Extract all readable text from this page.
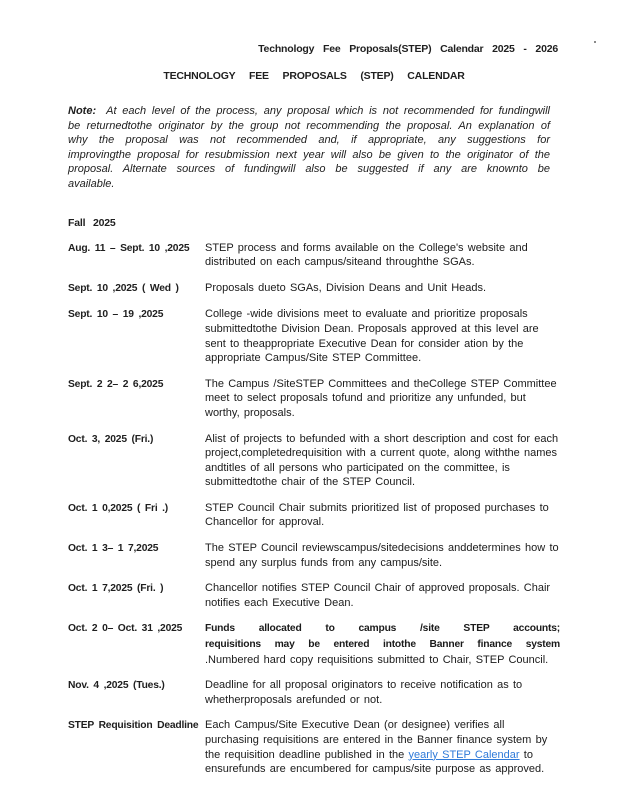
Technology Fee Proposals(STEP) Calendar 2025 - 2026
TECHNOLOGY FEE PROPOSALS (STEP) CALENDAR
Note: At each level of the process, any proposal which is not recommended for fundingwill be returnedtothe originator by the group not recommending the proposal. An explanation of why the proposal was not recommended and, if appropriate, any suggestions for improvingthe proposal for resubmission next year will also be given to the originator of the proposal. Alternate sources of fundingwill also be suggested if any are knownto be available.
Fall 2025
Aug. 11 – Sept. 10 ,2025	STEP process and forms available on the College's website and distributed on each campus/siteand throughthe SGAs.
Sept. 10 ,2025 ( Wed )	Proposals dueto SGAs, Division Deans and Unit Heads.
Sept. 10 – 19 ,2025	College -wide divisions meet to evaluate and prioritize proposals submittedtothe Division Dean. Proposals approved at this level are sent to theappropriate Executive Dean for consider ation by the appropriate Campus/Site STEP Committee.
Sept. 2 2– 2 6,2025	The Campus /SiteSTEP Committees and theCollege STEP Committee meet to select proposals tofund and prioritize any unfunded, but worthy, proposals.
Oct. 3, 2025 (Fri.)	Alist of projects to befunded with a short description and cost for each project,completedrequisition with a current quote, along withthe names andtitles of all persons who participated on the committee, is submittedtothe chair of the STEP Council.
Oct. 1 0,2025 ( Fri .)	STEP Council Chair submits prioritized list of proposed purchases to Chancellor for approval.
Oct. 1 3– 1 7,2025	The STEP Council reviewscampus/sitedecisions anddetermines how to spend any surplus funds from any campus/site.
Oct. 1 7,2025 (Fri. )	Chancellor notifies STEP Council Chair of approved proposals. Chair notifies each Executive Dean.
Oct. 2 0– Oct. 31 ,2025	Funds allocated to campus /site STEP accounts; requisitions may be entered intothe Banner finance system .Numbered hard copy requisitions submitted to Chair, STEP Council.
Nov. 4 ,2025 (Tues.)	Deadline for all proposal originators to receive notification as to whetherproposals arefunded or not.
STEP Requisition Deadline Each Campus/Site Executive Dean (or designee) verifies all purchasing requisitions are entered in the Banner finance system by the requisition deadline published in the yearly STEP Calendar to ensurefunds are encumbered for campus/site purpose as approved.
